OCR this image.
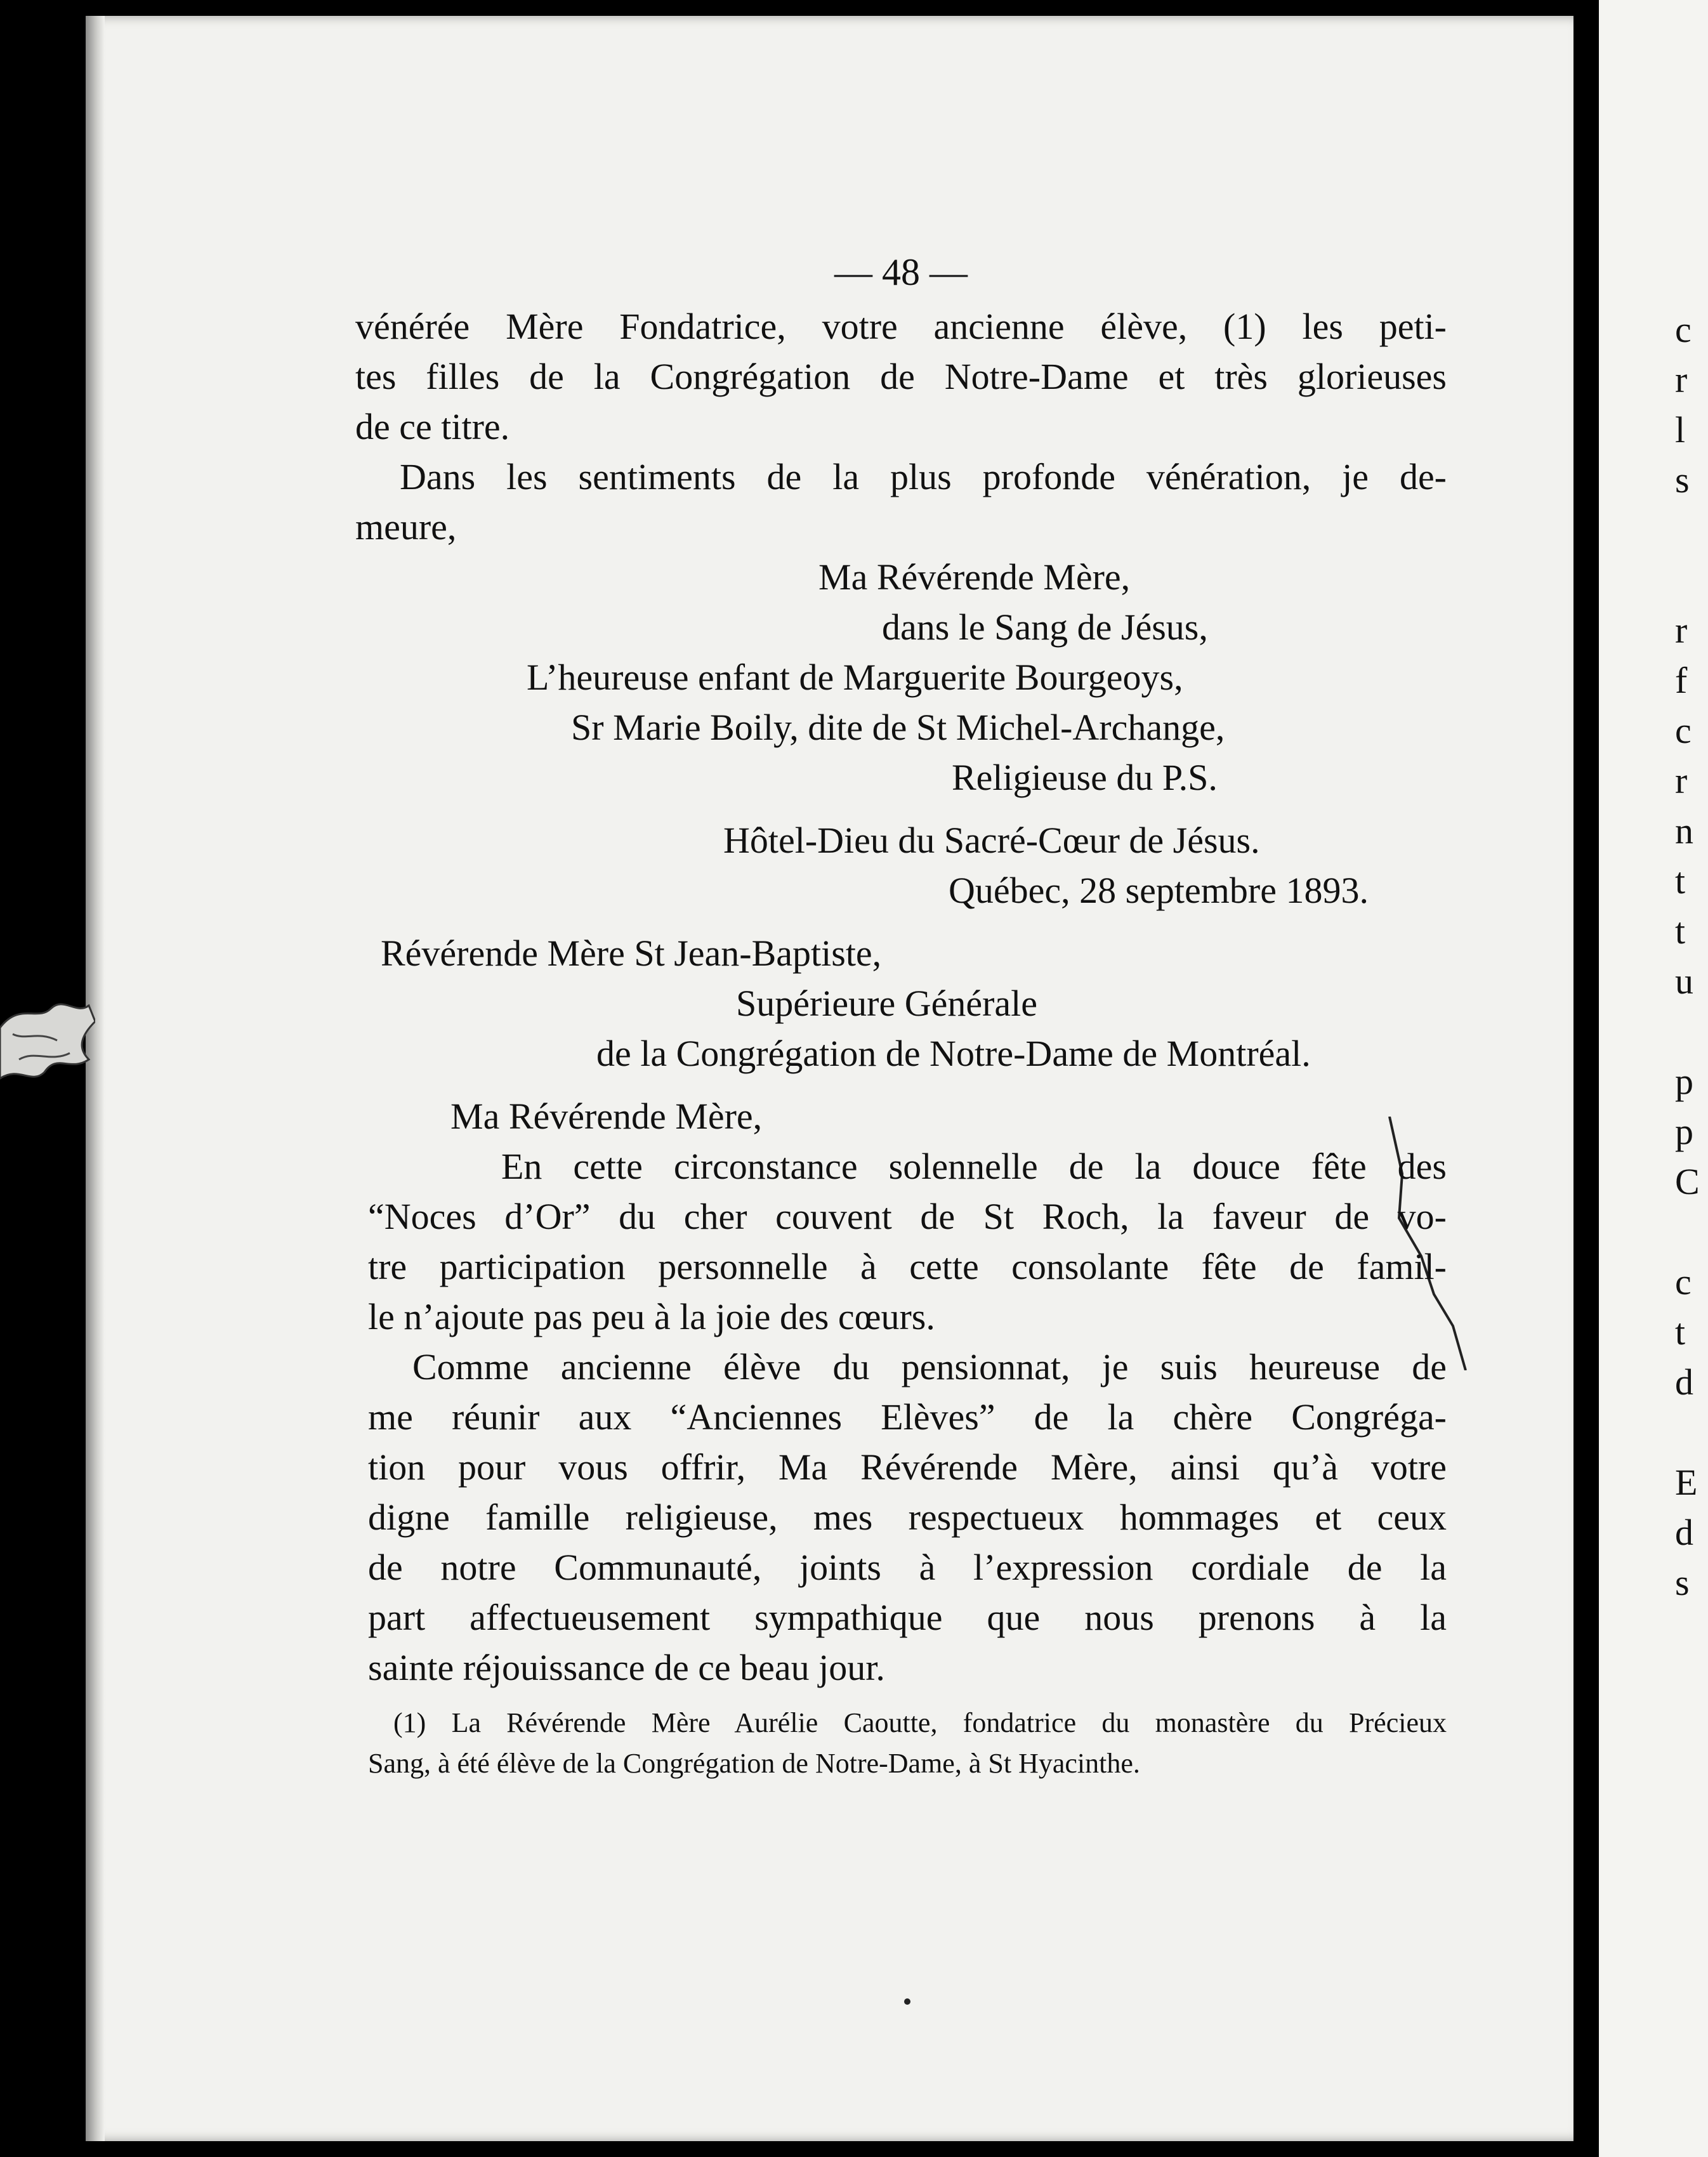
— 48 —
vénérée Mère Fondatrice, votre ancienne élève, (1) les peti-
tes filles de la Congrégation de Notre-Dame et très glorieuses
de ce titre.
Dans les sentiments de la plus profonde vénération, je de-
meure,
Ma Révérende Mère,
dans le Sang de Jésus,
L’heureuse enfant de Marguerite Bourgeoys,
Sr Marie Boily, dite de St Michel-Archange,
Religieuse du P.S.
Hôtel-Dieu du Sacré-Cœur de Jésus.
Québec, 28 septembre 1893.
Révérende Mère St Jean-Baptiste,
Supérieure Générale
de la Congrégation de Notre-Dame de Montréal.
Ma Révérende Mère,
En cette circonstance solennelle de la douce fête des
“Noces d’Or” du cher couvent de St Roch, la faveur de vo-
tre participation personnelle à cette consolante fête de famil-
le n’ajoute pas peu à la joie des cœurs.
Comme ancienne élève du pensionnat, je suis heureuse de
me réunir aux “Anciennes Elèves” de la chère Congréga-
tion pour vous offrir, Ma Révérende Mère, ainsi qu’à votre
digne famille religieuse, mes respectueux hommages et ceux
de notre Communauté, joints à l’expression cordiale de la
part affectueusement sympathique que nous prenons à la
sainte réjouissance de ce beau jour.
(1) La Révérende Mère Aurélie Caoutte, fondatrice du monastère du Précieux
Sang, à été élève de la Congrégation de Notre-Dame, à St Hyacinthe.
c
r
l
s

r
f
c
r
n
t
t
u

p
p
C

c
t
d

E
d
s
